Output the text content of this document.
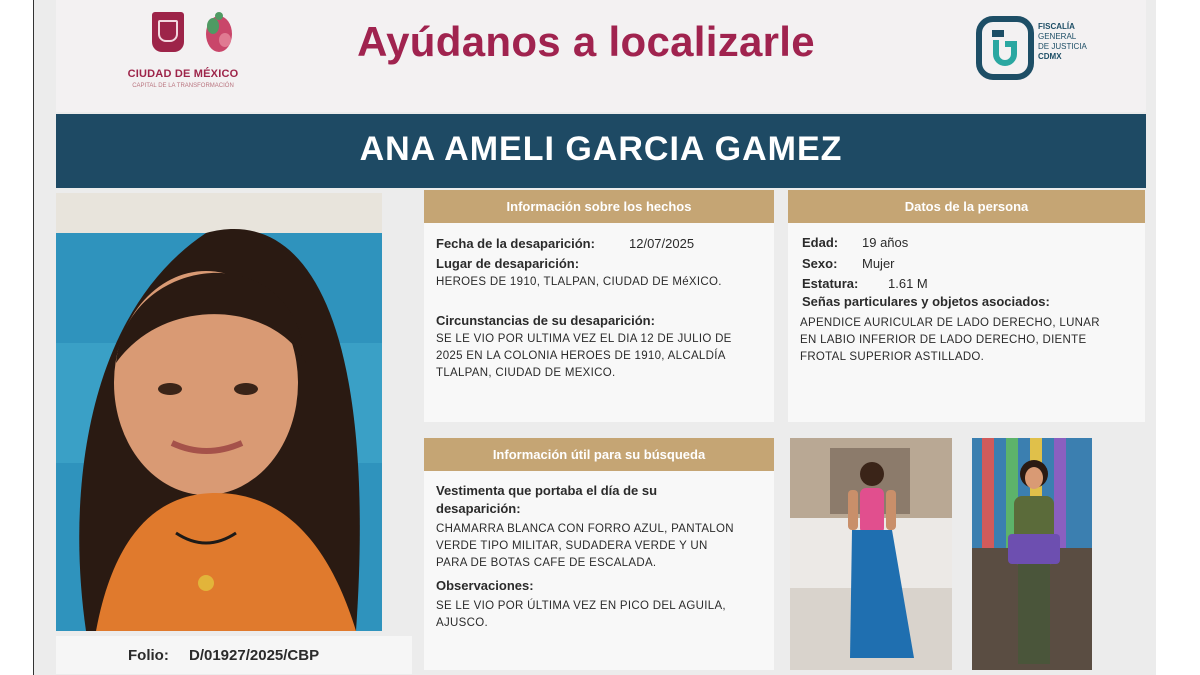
CIUDAD DE MÉXICO
CAPITAL DE LA TRANSFORMACIÓN
Ayúdanos a localizarle	FISCALÍA
GENERAL
DE JUSTICIA
CDMX
ANA AMELI GARCIA GAMEZ
Folio: D/01927/2025/CBP
Información sobre los hechos
Fecha de la desaparición:	12/07/2025
Lugar de desaparición:
HEROES DE 1910, TLALPAN, CIUDAD DE MéXICO.
Circunstancias de su desaparición:
SE LE VIO POR ULTIMA VEZ EL DIA 12 DE JULIO DE
2025 EN LA COLONIA HEROES DE 1910, ALCALDÍA
TLALPAN, CIUDAD DE MEXICO.
Datos de la persona
Edad: 19 años
Sexo: Mujer
Estatura: 1.61 M
Señas particulares y objetos asociados:
APENDICE AURICULAR DE LADO DERECHO, LUNAR
EN LABIO INFERIOR DE LADO DERECHO, DIENTE
FROTAL SUPERIOR ASTILLADO.
Información útil para su búsqueda
Vestimenta que portaba el día de su
desaparición:
CHAMARRA BLANCA CON FORRO AZUL, PANTALON
VERDE TIPO MILITAR, SUDADERA VERDE Y UN
PARA DE BOTAS CAFE DE ESCALADA.
Observaciones:
SE LE VIO POR ÚLTIMA VEZ EN PICO DEL AGUILA,
AJUSCO.
